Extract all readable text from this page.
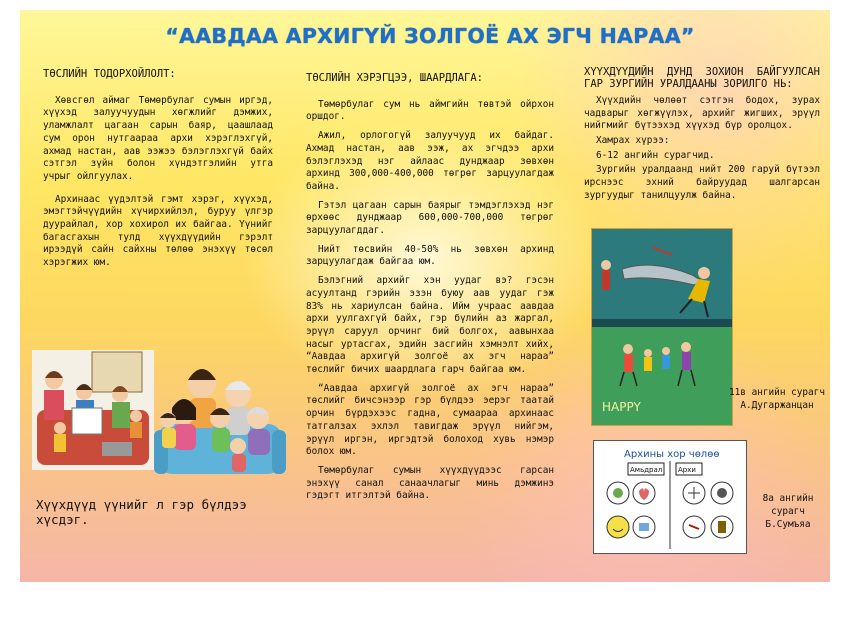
“ААВДАА АРХИГҮЙ ЗОЛГОЁ АХ ЭГЧ НАРАА”
ТӨСЛИЙН ТОДОРХОЙЛОЛТ:

Хөвсгөл аймаг Төмөрбулаг сумын иргэд, хүүхэд залуучуудын хөгжлийг дэмжих, уламжлалт цагаан сарын баяр, цаашлаад сум орон нутгаараа архи хэрэглэхгүй, ахмад настан, аав ээжээ бэлэглэхгүй байх сэтгэл зүйн болон хүндэтгэлийн утга учрыг ойлгуулах.

Архинаас үүдэлтэй гэмт хэрэг, хүүхэд, эмэгтэйчүүдийн хүчирхийлэл, буруу үлгэр дуурайлал, хор хохирол их байгаа. Үүнийг багасгахын тулд хүүхдүүдийн гэрэлт ирээдүй сайн сайхны төлөө энэхүү төсөл хэрэгжих юм.

Хүүхдүүд үүнийг л гэр бүлдээ хүсдэг.
ТӨСЛИЙН ХЭРЭГЦЭЭ, ШААРДЛАГА:

Төмөрбулаг сум нь аймгийн төвтэй ойрхон оршдог.

Ажил, орлогогүй залуучууд их байдаг. Ахмад настан, аав ээж, ах эгчдээ архи бэлэглэхэд нэг айлаас дунджаар зөвхөн архинд 300,000-400,000 төгрөг зарцуулагдаж байна.

Гэтэл цагаан сарын баярыг тэмдэглэхэд нэг өрхөөс дунджаар 600,000-700,000 төгрөг зарцуулагддаг.

Нийт төсвийн 40-50% нь зөвхөн архинд зарцуулагдаж байгаа юм.

Бэлэгний архийг хэн уудаг вэ? гэсэн асуултанд гэрийн эзэн буюу аав уудаг гэж 83% нь хариулсан байна. Ийм учраас аавдаа архи уулгахгүй байх, гэр бүлийн аз жаргал, эрүүл саруул орчинг бий болгох, аавынхаа насыг уртасгах, эдийн засгийн хэмнэлт хийх, “Аавдаа архигүй золгоё ах эгч нараа” төслийг бичих шаардлага гарч байгаа юм.

“Аавдаа архигүй золгоё ах эгч нараа” төслийг бичсэнээр гэр бүлдээ эерэг таатай орчин бүрдэхээс гадна, сумаараа архинаас татгалзах эхлэл тавигдаж эрүүл нийгэм, эрүүл иргэн, иргэдтэй болоход хувь нэмэр болох юм.

Төмөрбулаг сумын хүүхдүүдээс гарсан энэхүү санал санаачлагыг минь дэмжинэ гэдэгт итгэлтэй байна.

ХҮҮХДҮҮДИЙН ДУНД ЗОХИОН БАЙГУУЛСАН ГАР ЗУРГИЙН УРАЛДААНЫ ЗОРИЛГО НЬ:

Хүүхдийн чөлөөт сэтгэн бодох, зурах чадварыг хөгжүүлэх, архийг жигших, эрүүл нийгмийг бүтээхэд хүүхэд бүр оролцох.

Хамрах хүрээ:

6-12 ангийн сурагчид.

Зургийн уралдаанд нийт 200 гаруй бүтээл ирснээс эхний байруудад шалгарсан зургуудыг танилцуулж байна.

HAPPY
11в ангийн сурагч
А.Дугаржанцан
Архины хор чөлөө
Амьдрал Архи
8а ангийн
сурагч
Б.Сумъяа
